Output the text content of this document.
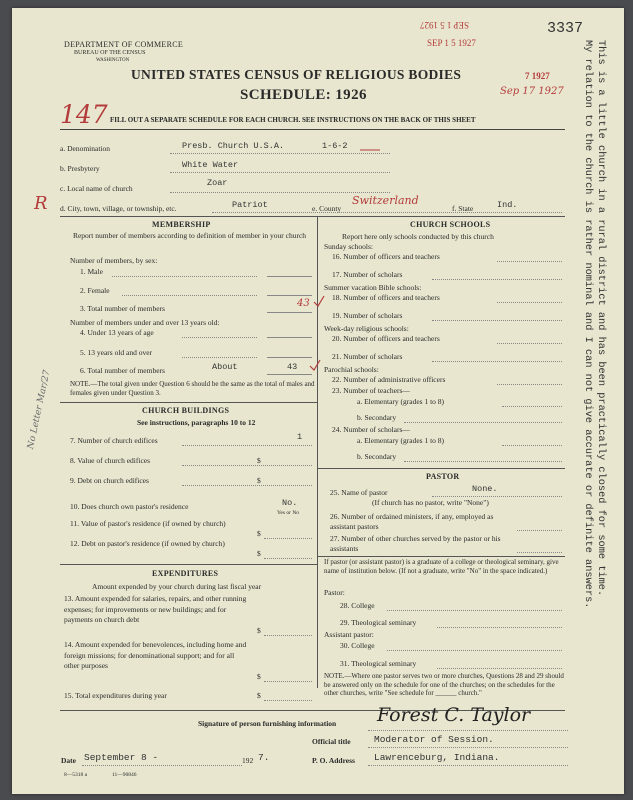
DEPARTMENT OF COMMERCE
BUREAU OF THE CENSUS
WASHINGTON
UNITED STATES CENSUS OF RELIGIOUS BODIES
SCHEDULE: 1926
FILL OUT A SEPARATE SCHEDULE FOR EACH CHURCH. SEE INSTRUCTIONS ON THE BACK OF THIS SHEET
SEP 1 5 1927
SEP 1 5 1927	3337
7 1927
Sep 17 1927
147
R	This is a little church in a rural district and has been practically closed for some time.
My relation to the church is rather nominal and I can not give accurate or definite answers.
No Letter Mar/27
a. Denomination	Presb. Church U.S.A.	1-6-2
b. Presbytery	White Water
c. Local name of church
Zoar
d. City, town, village, or township, etc.	Patriot	e. County
Switzerland
f. State	Ind.
MEMBERSHIP
Report number of members according to definition of member in your church
Number of members, by sex:
1. Male
2. Female
3. Total number of members	43
Number of members under and over 13 years old:
4. Under 13 years of age
5. 13 years old and over
6. Total number of members	About	43
NOTE.—The total given under Question 6 should be the same as the total of males and females given under Question 3.
CHURCH BUILDINGS
See instructions, paragraphs 10 to 12
7. Number of church edifices	1
8. Value of church edifices	$
9. Debt on church edifices	$
10. Does church own pastor's residence	No.
Yes or No
11. Value of pastor's residence (if owned by church)
$
12. Debt on pastor's residence (if owned by church)
$
EXPENDITURES
Amount expended by your church during last fiscal year
13. Amount expended for salaries, repairs, and other running expenses; for improvements or new buildings; and for payments on church debt
$
14. Amount expended for benevolences, including home and foreign missions; for denominational support; and for all other purposes
$
15. Total expenditures during year	$
CHURCH SCHOOLS
Report here only schools conducted by this church
Sunday schools:
16. Number of officers and teachers
17. Number of scholars
Summer vacation Bible schools:
18. Number of officers and teachers
19. Number of scholars
Week-day religious schools:
20. Number of officers and teachers
21. Number of scholars
Parochial schools:
22. Number of administrative officers
23. Number of teachers—
a. Elementary (grades 1 to 8)
b. Secondary
24. Number of scholars—
a. Elementary (grades 1 to 8)
b. Secondary
PASTOR
25. Name of pastor	None.
(If church has no pastor, write "None")
26. Number of ordained ministers, if any, employed as assistant pastors
27. Number of other churches served by the pastor or his assistants
If pastor (or assistant pastor) is a graduate of a college or theological seminary, give name of institution below. (If not a graduate, write "No" in the space indicated.)
Pastor:
28. College
29. Theological seminary
Assistant pastor:
30. College
31. Theological seminary
NOTE.—Where one pastor serves two or more churches, Questions 28 and 29 should be answered only on the schedule for one of the churches; on the schedules for the other churches, write "See schedule for ______ church."
Signature of person furnishing information Forest C. Taylor
Official title Moderator of Session.
Date September 8 -	192 7.	P. O. Address Lawrenceburg, Indiana.
8—5318 a	11—90846
